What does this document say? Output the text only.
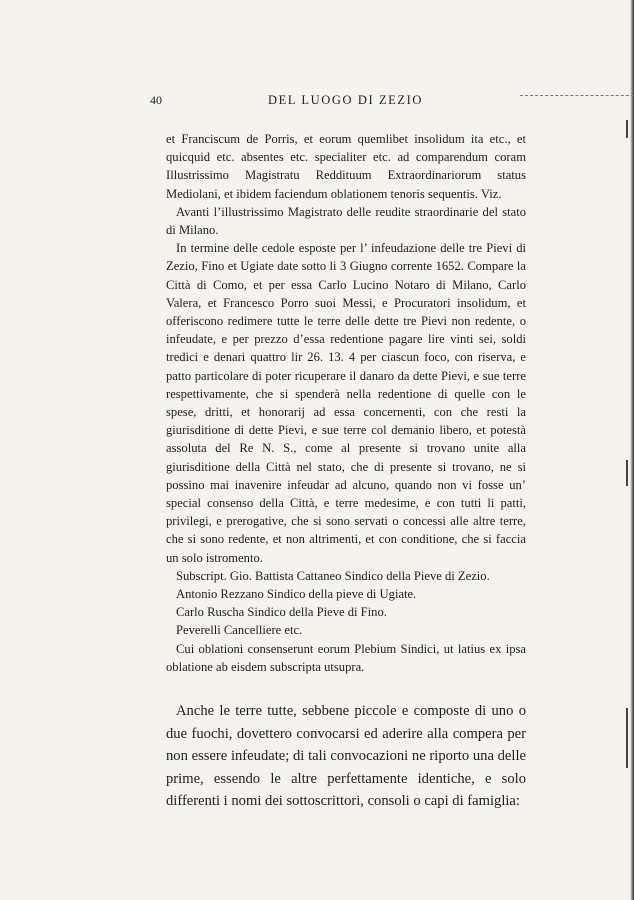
40	DEL LUOGO DI ZEZIO

et Franciscum de Porris, et eorum quemlibet insolidum ita etc., et quicquid etc. absentes etc. specialiter etc. ad comparendum coram Illustrissimo Magistratu Reddituum Extraordinariorum status Mediolani, et ibidem faciendum oblationem tenoris sequentis. Viz.

Avanti l’illustrissimo Magistrato delle reudite straordinarie del stato di Milano.

In termine delle cedole esposte per l’ infeudazione delle tre Pievi di Zezio, Fino et Ugiate date sotto li 3 Giugno corrente 1652. Compare la Città di Como, et per essa Carlo Lucino Notaro di Milano, Carlo Valera, et Francesco Porro suoi Messi, e Procuratori insolidum, et offeriscono redimere tutte le terre delle dette tre Pievi non redente, o infeudate, e per prezzo d’essa redentione pagare lire vinti sei, soldi tredici e denari quattro lir 26. 13. 4 per ciascun foco, con riserva, e patto particolare di poter ricuperare il danaro da dette Pievi, e sue terre respettivamente, che si spenderà nella redentione di quelle con le spese, dritti, et honorarij ad essa concernenti, con che resti la giurisditione di dette Pievi, e sue terre col demanio libero, et potestà assoluta del Re N. S., come al presente si trovano unite alla giurisditione della Città nel stato, che di presente si trovano, ne si possino mai inavenire infeudar ad alcuno, quando non vi fosse un’ special consenso della Città, e terre medesime, e con tutti li patti, privilegi, e prerogative, che si sono servati o concessi alle altre terre, che si sono redente, et non altrimenti, et con conditione, che si faccia un solo istromento.

Subscript. Gio. Battista Cattaneo Sindico della Pieve di Zezio.

Antonio Rezzano Sindico della pieve di Ugiate.

Carlo Ruscha Sindico della Pieve di Fino.

Peverelli Cancelliere etc.

Cui oblationi consenserunt eorum Plebium Sindici, ut latius ex ipsa oblatione ab eisdem subscripta utsupra.

Anche le terre tutte, sebbene piccole e composte di uno o due fuochi, dovettero convocarsi ed aderire alla compera per non essere infeudate; di tali convocazioni ne riporto una delle prime, essendo le altre perfettamente identiche, e solo differenti i nomi dei sottoscrittori, consoli o capi di famiglia:
